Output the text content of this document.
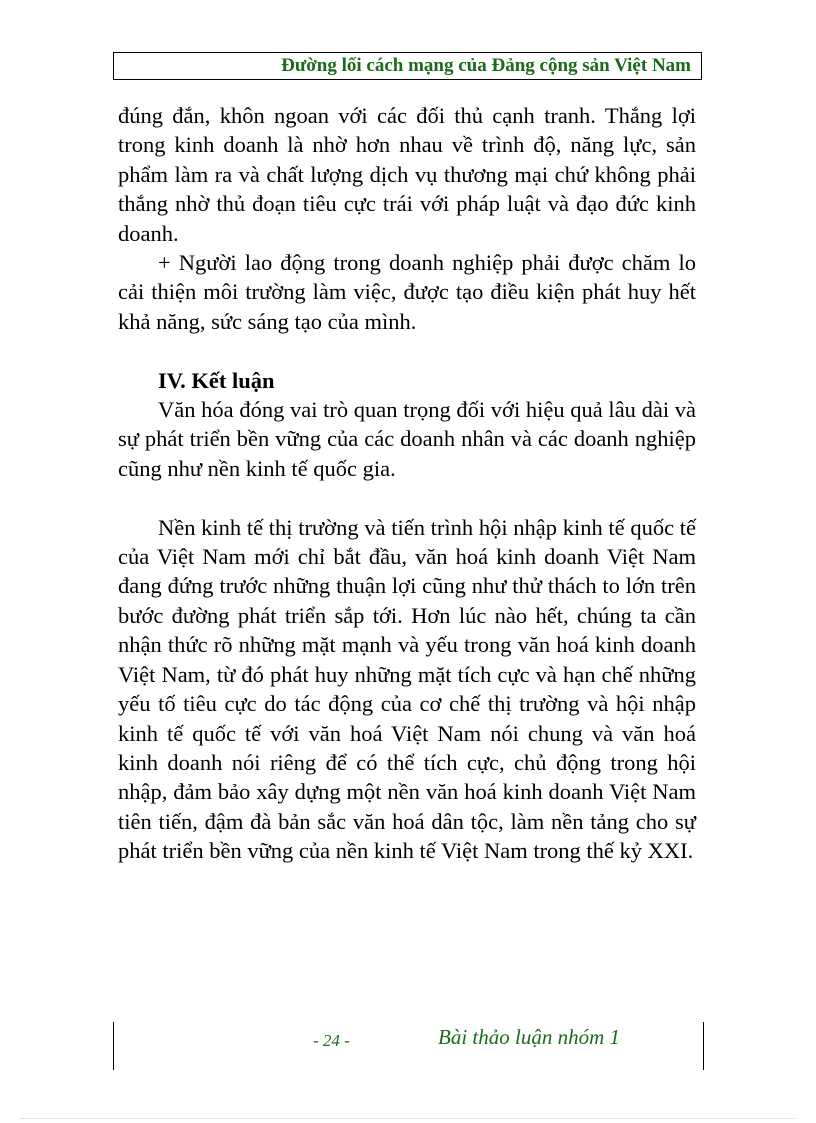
Đường lối cách mạng của Đảng cộng sản Việt Nam

đúng đắn, khôn ngoan với các đối thủ cạnh tranh. Thắng lợi trong kinh doanh là nhờ hơn nhau về trình độ, năng lực, sản phẩm làm ra và chất lượng dịch vụ thương mại chứ không phải thắng nhờ thủ đoạn tiêu cực trái với pháp luật và đạo đức kinh doanh.

+ Người lao động trong doanh nghiệp phải được chăm lo cải thiện môi trường làm việc, được tạo điều kiện phát huy hết khả năng, sức sáng tạo của mình.

IV. Kết luận

Văn hóa đóng vai trò quan trọng đối với hiệu quả lâu dài và sự phát triển bền vững của các doanh nhân và các doanh nghiệp cũng như nền kinh tế quốc gia.

Nền kinh tế thị trường và tiến trình hội nhập kinh tế quốc tế của Việt Nam mới chỉ bắt đầu, văn hoá kinh doanh Việt Nam đang đứng trước những thuận lợi cũng như thử thách to lớn trên bước đường phát triển sắp tới. Hơn lúc nào hết, chúng ta cần nhận thức rõ những mặt mạnh và yếu trong văn hoá kinh doanh Việt Nam, từ đó phát huy những mặt tích cực và hạn chế những yếu tố tiêu cực do tác động của cơ chế thị trường và hội nhập kinh tế quốc tế với văn hoá Việt Nam nói chung và văn hoá kinh doanh nói riêng để có thể tích cực, chủ động trong hội nhập, đảm bảo xây dựng một nền văn hoá kinh doanh Việt Nam tiên tiến, đậm đà bản sắc văn hoá dân tộc, làm nền tảng cho sự phát triển bền vững của nền kinh tế Việt Nam trong thế kỷ XXI.

- 24 -	Bài thảo luận nhóm 1
